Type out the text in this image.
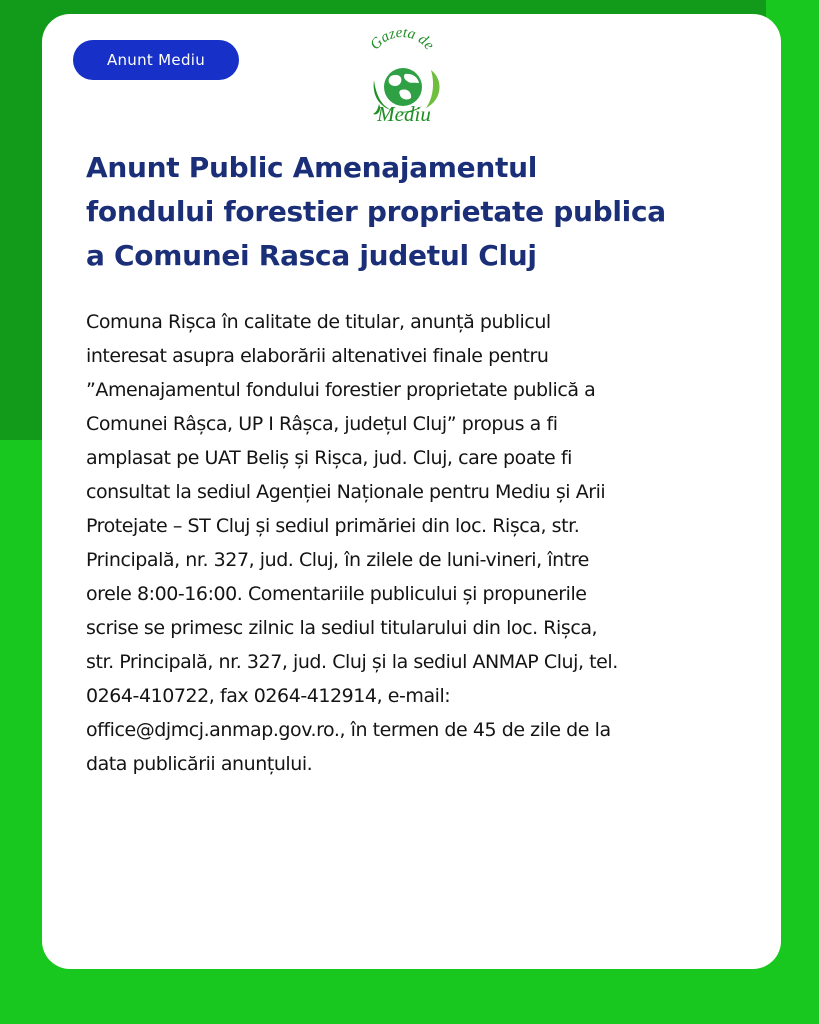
Anunt Mediu
Gazeta de
Mediu
Anunt Public Amenajamentul
fondului forestier proprietate publica
a Comunei Rasca judetul Cluj

Comuna Rișca în calitate de titular, anunță publicul
interesat asupra elaborării altenativei finale pentru
”Amenajamentul fondului forestier proprietate publică a
Comunei Râșca, UP I Râșca, județul Cluj” propus a fi
amplasat pe UAT Beliș și Rișca, jud. Cluj, care poate fi
consultat la sediul Agenției Naționale pentru Mediu și Arii
Protejate – ST Cluj și sediul primăriei din loc. Rișca, str.
Principală, nr. 327, jud. Cluj, în zilele de luni-vineri, între
orele 8:00-16:00. Comentariile publicului și propunerile
scrise se primesc zilnic la sediul titularului din loc. Rișca,
str. Principală, nr. 327, jud. Cluj și la sediul ANMAP Cluj, tel.
0264-410722, fax 0264-412914, e-mail:
office@djmcj.anmap.gov.ro., în termen de 45 de zile de la
data publicării anunțului.
